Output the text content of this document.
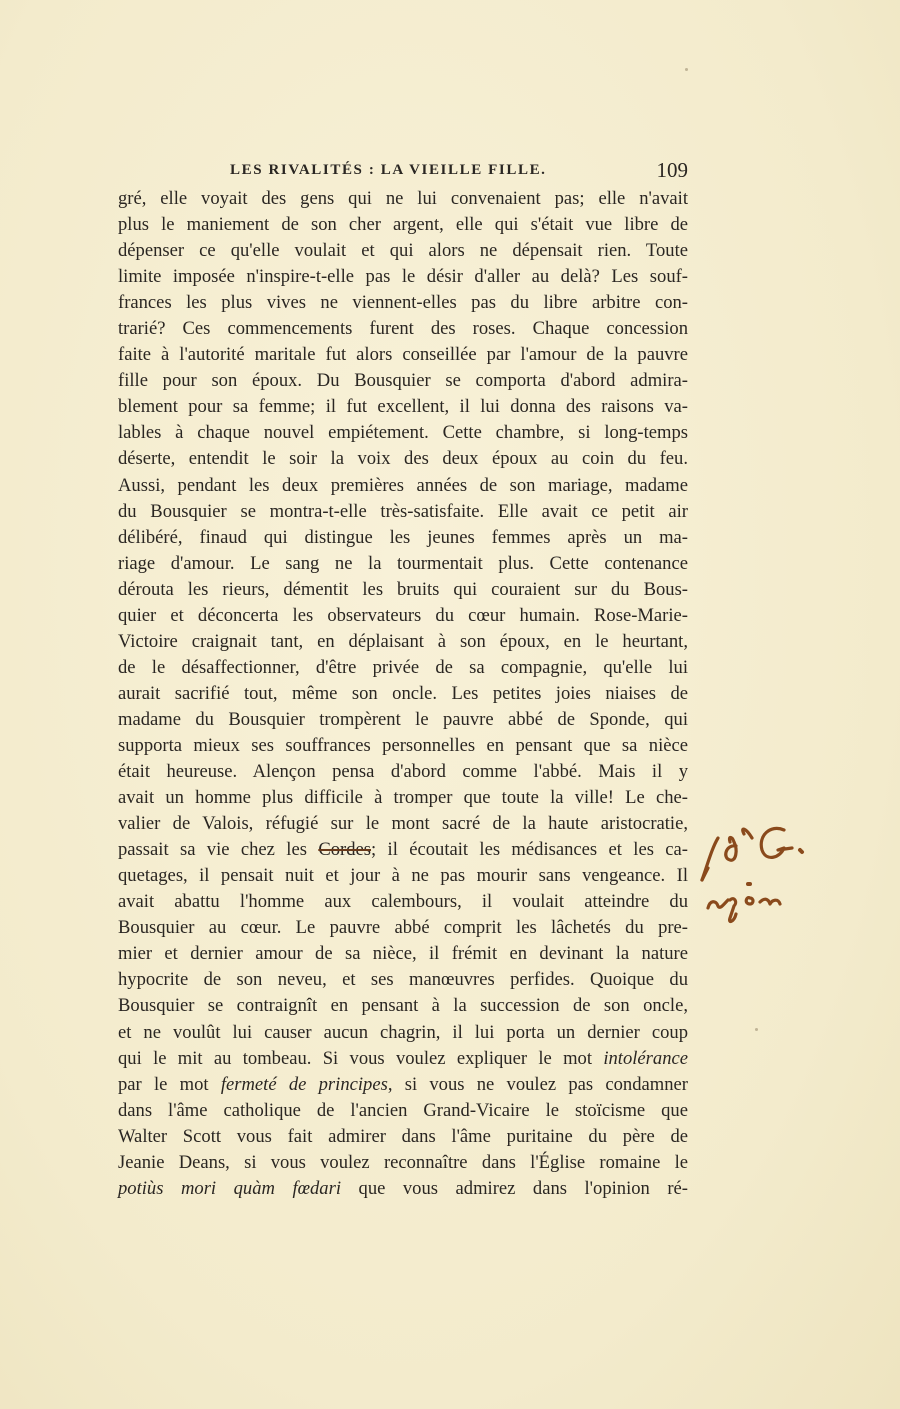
LES RIVALITÉS : LA VIEILLE FILLE.	109
gré, elle voyait des gens qui ne lui convenaient pas; elle n'avait
plus le maniement de son cher argent, elle qui s'était vue libre de
dépenser ce qu'elle voulait et qui alors ne dépensait rien. Toute
limite imposée n'inspire-t-elle pas le désir d'aller au delà? Les souf-
frances les plus vives ne viennent-elles pas du libre arbitre con-
trarié? Ces commencements furent des roses. Chaque concession
faite à l'autorité maritale fut alors conseillée par l'amour de la pauvre
fille pour son époux. Du Bousquier se comporta d'abord admira-
blement pour sa femme; il fut excellent, il lui donna des raisons va-
lables à chaque nouvel empiétement. Cette chambre, si long-temps
déserte, entendit le soir la voix des deux époux au coin du feu.
Aussi, pendant les deux premières années de son mariage, madame
du Bousquier se montra-t-elle très-satisfaite. Elle avait ce petit air
délibéré, finaud qui distingue les jeunes femmes après un ma-
riage d'amour. Le sang ne la tourmentait plus. Cette contenance
dérouta les rieurs, démentit les bruits qui couraient sur du Bous-
quier et déconcerta les observateurs du cœur humain. Rose-Marie-
Victoire craignait tant, en déplaisant à son époux, en le heurtant,
de le désaffectionner, d'être privée de sa compagnie, qu'elle lui
aurait sacrifié tout, même son oncle. Les petites joies niaises de
madame du Bousquier trompèrent le pauvre abbé de Sponde, qui
supporta mieux ses souffrances personnelles en pensant que sa nièce
était heureuse. Alençon pensa d'abord comme l'abbé. Mais il y
avait un homme plus difficile à tromper que toute la ville! Le che-
valier de Valois, réfugié sur le mont sacré de la haute aristocratie,
passait sa vie chez les Cordes; il écoutait les médisances et les ca-
quetages, il pensait nuit et jour à ne pas mourir sans vengeance. Il
avait abattu l'homme aux calembours, il voulait atteindre du
Bousquier au cœur. Le pauvre abbé comprit les lâchetés du pre-
mier et dernier amour de sa nièce, il frémit en devinant la nature
hypocrite de son neveu, et ses manœuvres perfides. Quoique du
Bousquier se contraignît en pensant à la succession de son oncle,
et ne voulût lui causer aucun chagrin, il lui porta un dernier coup
qui le mit au tombeau. Si vous voulez expliquer le mot intolérance
par le mot fermeté de principes, si vous ne voulez pas condamner
dans l'âme catholique de l'ancien Grand-Vicaire le stoïcisme que
Walter Scott vous fait admirer dans l'âme puritaine du père de
Jeanie Deans, si vous voulez reconnaître dans l'Église romaine le
potiùs mori quàm fœdari que vous admirez dans l'opinion ré-
